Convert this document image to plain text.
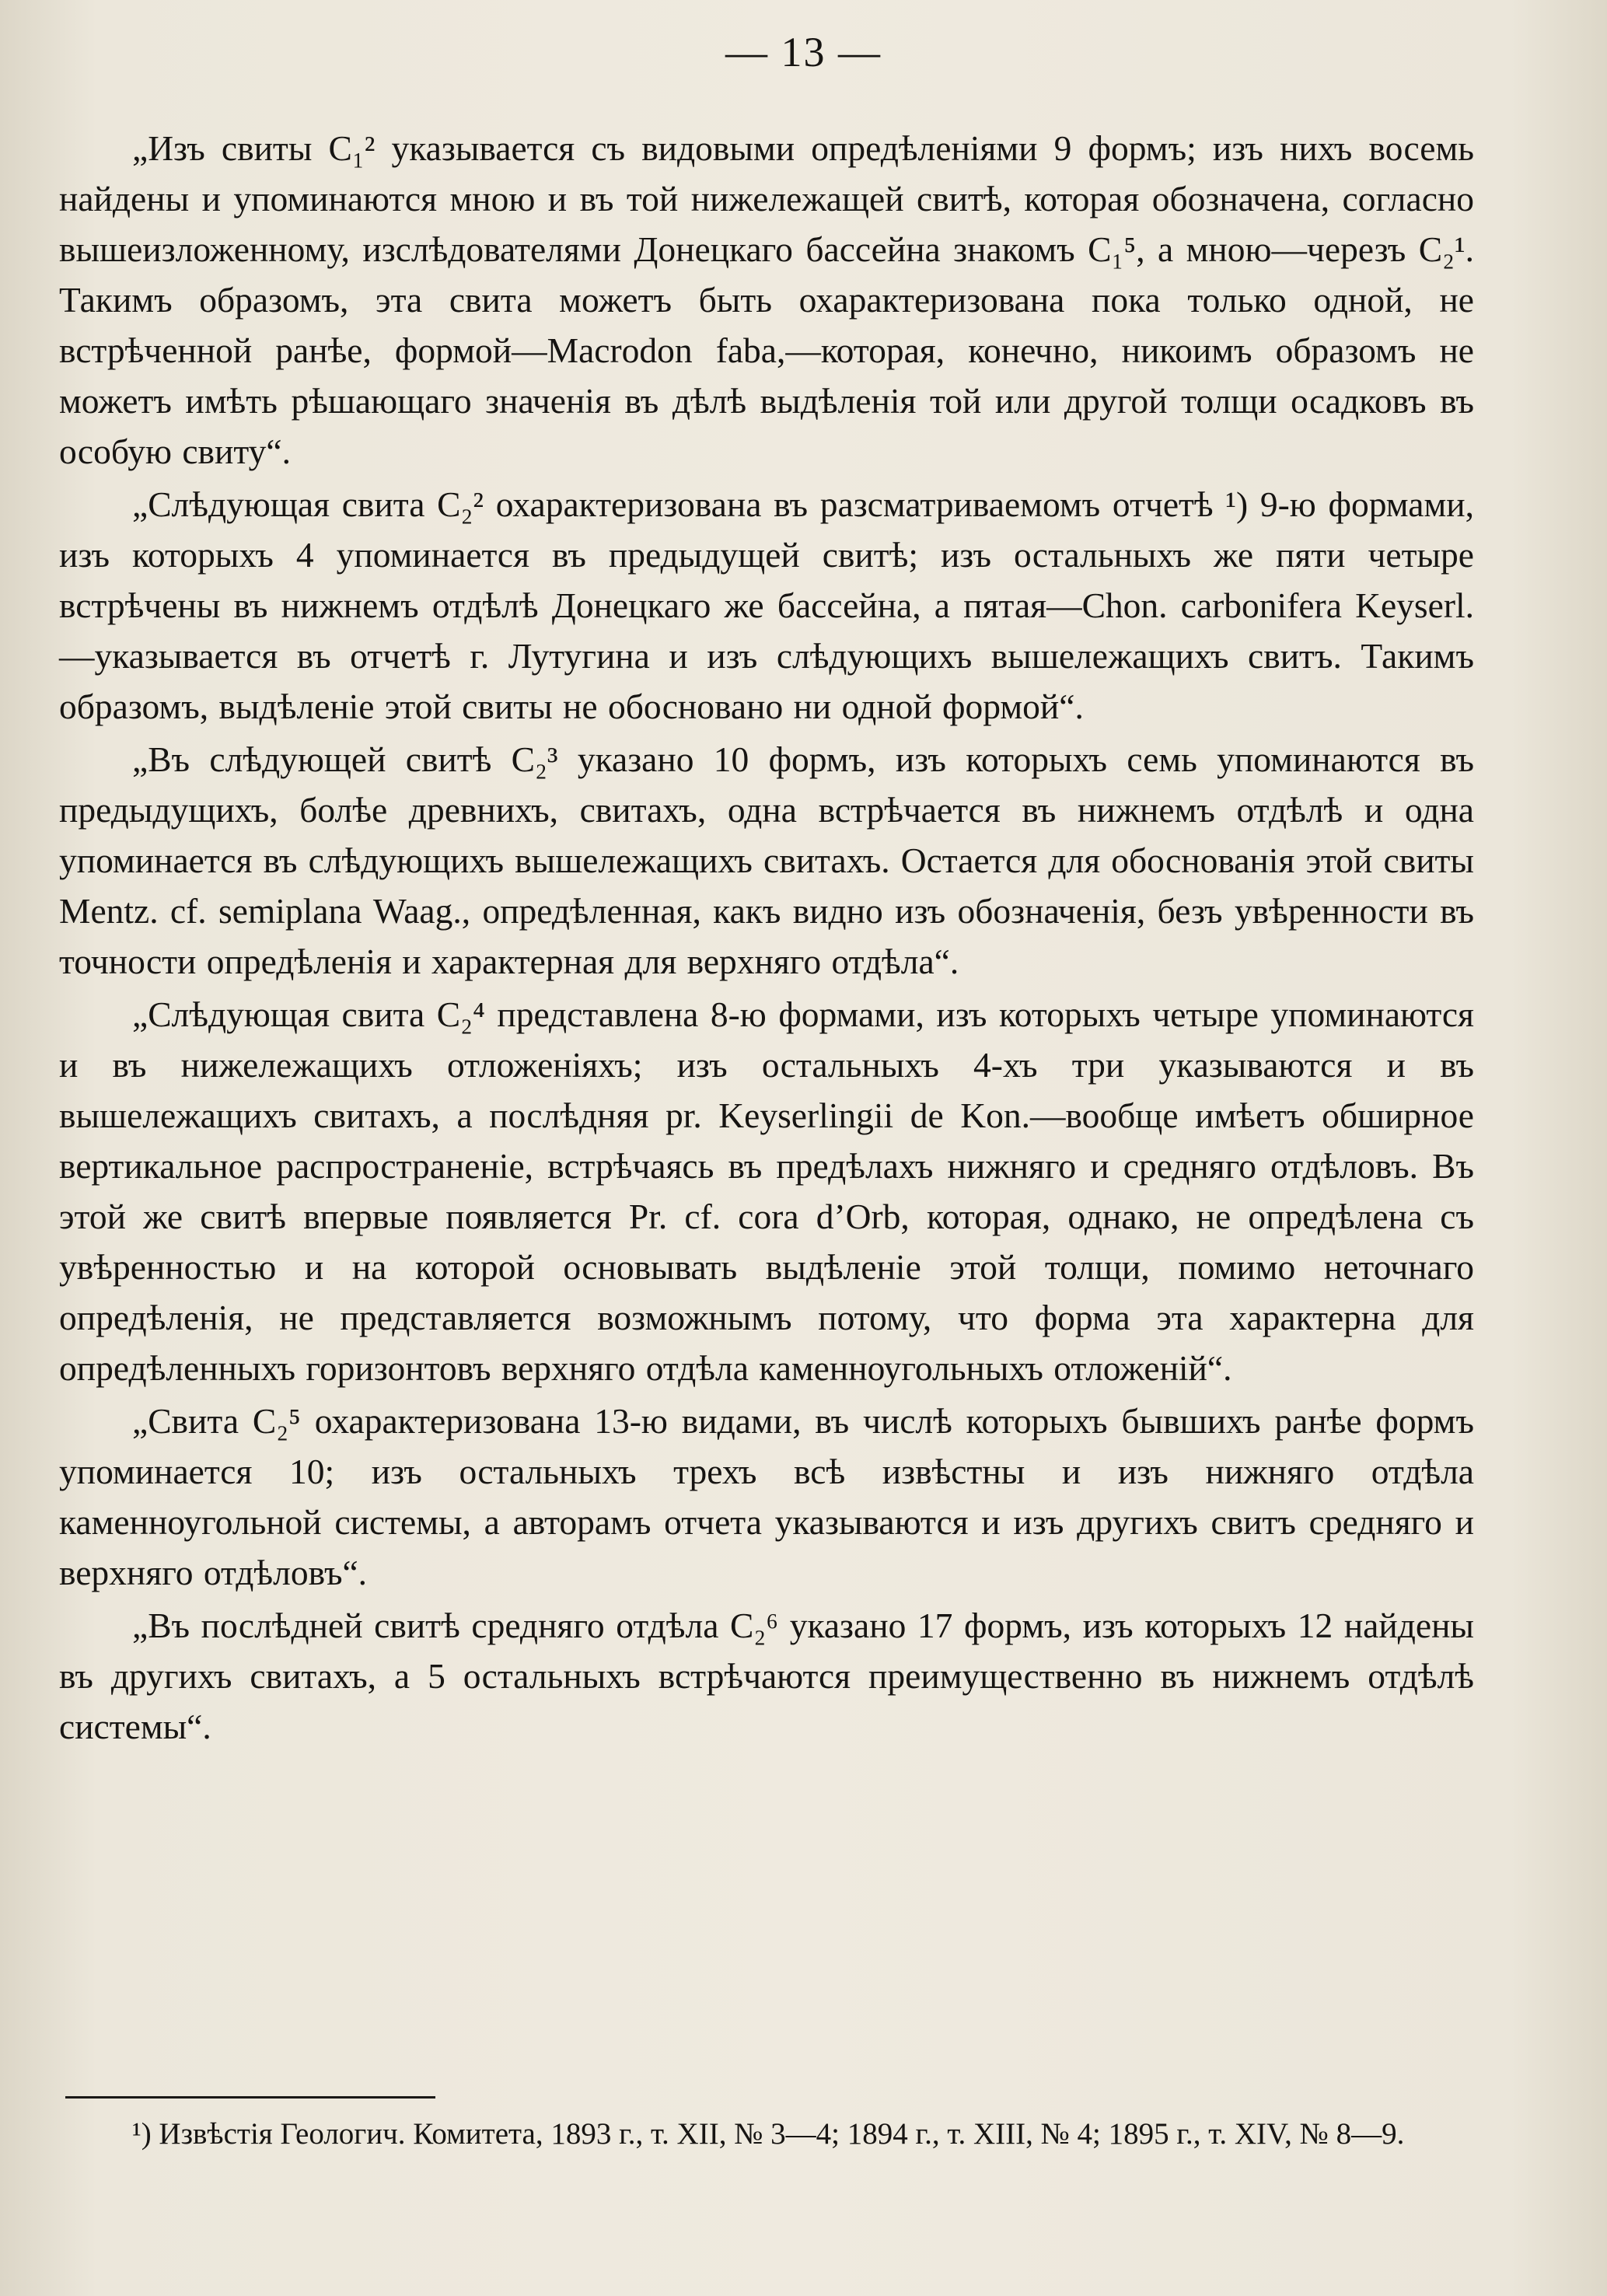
— 13 —

„Изъ свиты C₁² указывается съ видовыми опредѣленіями 9 формъ; изъ нихъ восемь найдены и упоминаются мною и въ той нижележащей свитѣ, которая обозначена, согласно вышеизложенному, изслѣдователями Донецкаго бассейна знакомъ C₁⁵, а мною—черезъ C₂¹. Такимъ образомъ, эта свита можетъ быть охарактеризована пока только одной, не встрѣченной ранѣе, формой—Macrodon faba,—которая, конечно, никоимъ образомъ не можетъ имѣть рѣшающаго значенія въ дѣлѣ выдѣленія той или другой толщи осадковъ въ особую свиту“.

„Слѣдующая свита C₂² охарактеризована въ разсматриваемомъ отчетѣ ¹) 9-ю формами, изъ которыхъ 4 упоминается въ предыдущей свитѣ; изъ остальныхъ же пяти четыре встрѣчены въ нижнемъ отдѣлѣ Донецкаго же бассейна, а пятая—Chon. carbonifera Keyserl.—указывается въ отчетѣ г. Лутугина и изъ слѣдующихъ вышележащихъ свитъ. Такимъ образомъ, выдѣленіе этой свиты не обосновано ни одной формой“.

„Въ слѣдующей свитѣ C₂³ указано 10 формъ, изъ которыхъ семь упоминаются въ предыдущихъ, болѣе древнихъ, свитахъ, одна встрѣчается въ нижнемъ отдѣлѣ и одна упоминается въ слѣдующихъ вышележащихъ свитахъ. Остается для обоснованія этой свиты Mentz. cf. semiplana Waag., опредѣленная, какъ видно изъ обозначенія, безъ увѣренности въ точности опредѣленія и характерная для верхняго отдѣла“.

„Слѣдующая свита C₂⁴ представлена 8-ю формами, изъ которыхъ четыре упоминаются и въ нижележащихъ отложеніяхъ; изъ остальныхъ 4-хъ три указываются и въ вышележащихъ свитахъ, а послѣдняя pr. Keyserlingii de Kon.—вообще имѣетъ обширное вертикальное распространеніе, встрѣчаясь въ предѣлахъ нижняго и средняго отдѣловъ. Въ этой же свитѣ впервые появляется Pr. cf. cora d’Orb, которая, однако, не опредѣлена съ увѣренностью и на которой основывать выдѣленіе этой толщи, помимо неточнаго опредѣленія, не представляется возможнымъ потому, что форма эта характерна для опредѣленныхъ горизонтовъ верхняго отдѣла каменноугольныхъ отложеній“.

„Свита C₂⁵ охарактеризована 13-ю видами, въ числѣ которыхъ бывшихъ ранѣе формъ упоминается 10; изъ остальныхъ трехъ всѣ извѣстны и изъ нижняго отдѣла каменноугольной системы, а авторамъ отчета указываются и изъ другихъ свитъ средняго и верхняго отдѣловъ“.

„Въ послѣдней свитѣ средняго отдѣла C₂⁶ указано 17 формъ, изъ которыхъ 12 найдены въ другихъ свитахъ, а 5 остальныхъ встрѣчаются преимущественно въ нижнемъ отдѣлѣ системы“.

¹) Извѣстія Геологич. Комитета, 1893 г., т. XII, № 3—4; 1894 г., т. XIII, № 4; 1895 г., т. XIV, № 8—9.
